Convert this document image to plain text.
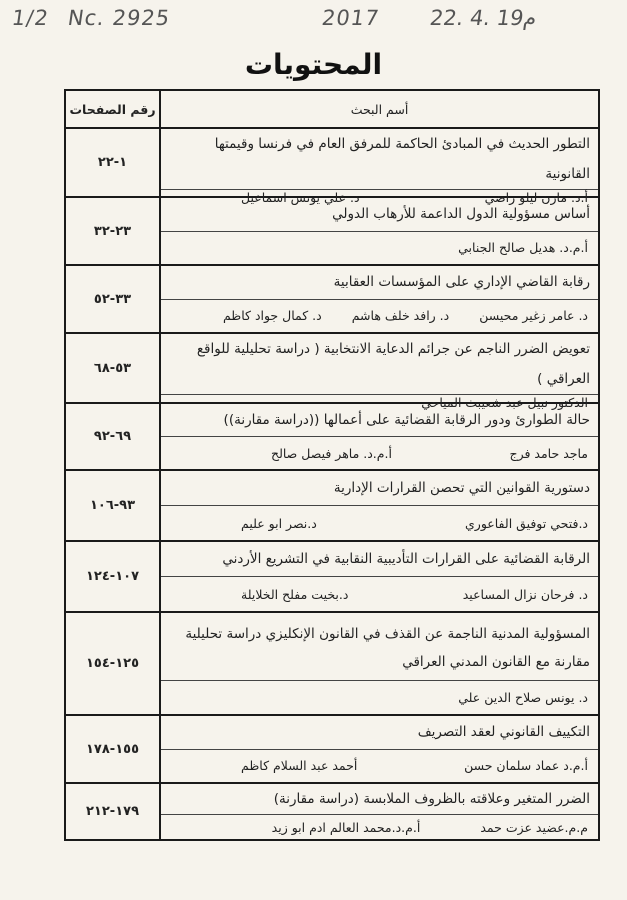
1/2 Nc. 2925	2017 22. 4. 19م
المحتويات
أسم البحث
رقم الصفحات
التطور الحديث في المبادئ الحاكمة للمرفق العام في فرنسا وقيمتها القانونية
أ.د. مازن ليلو راضي
د. علي يونس اسماعيل
١-٢٢
أساس مسؤولية الدول الداعمة للأرهاب الدولي
أ.م.د. هديل صالح الجنابي
٢٣-٣٢
رقابة القاضي الإداري على المؤسسات العقابية
د. عامر زغير محيسن
د. رافد خلف هاشم
د. كمال جواد كاظم
٣٣-٥٢
تعويض الضرر الناجم عن جرائم الدعاية الانتخابية ( دراسة تحليلية للواقع العراقي )
الدكتور نبيل عبد شعيبث المياحي
٥٣-٦٨
حالة الطوارئ ودور الرقابة القضائية على أعمالها ((دراسة مقارنة))
ماجد حامد فرج
أ.م.د. ماهر فيصل صالح
٦٩-٩٢
دستورية القوانين التي تحصن القرارات الإدارية
د.فتحي توفيق الفاعوري
د.نصر ابو عليم
٩٣-١٠٦
الرقابة القضائية على القرارات التأديبية النقابية في التشريع الأردني
د. فرحان نزال المساعيد
د.بخيت مفلح الخلايلة
١٠٧-١٢٤
المسؤولية المدنية الناجمة عن القذف في القانون الإنكليزي دراسة تحليلية مقارنة مع القانون المدني العراقي
د. يونس صلاح الدين علي
١٢٥-١٥٤
التكييف القانوني لعقد التصريف
أ.م.د عماد سلمان حسن
أحمد عبد السلام كاظم
١٥٥-١٧٨
الضرر المتغير وعلاقته بالظروف الملابسة (دراسة مقارنة)
م.م.عضيد عزت حمد
أ.م.د.محمد العالم ادم ابو زيد
١٧٩-٢١٢
